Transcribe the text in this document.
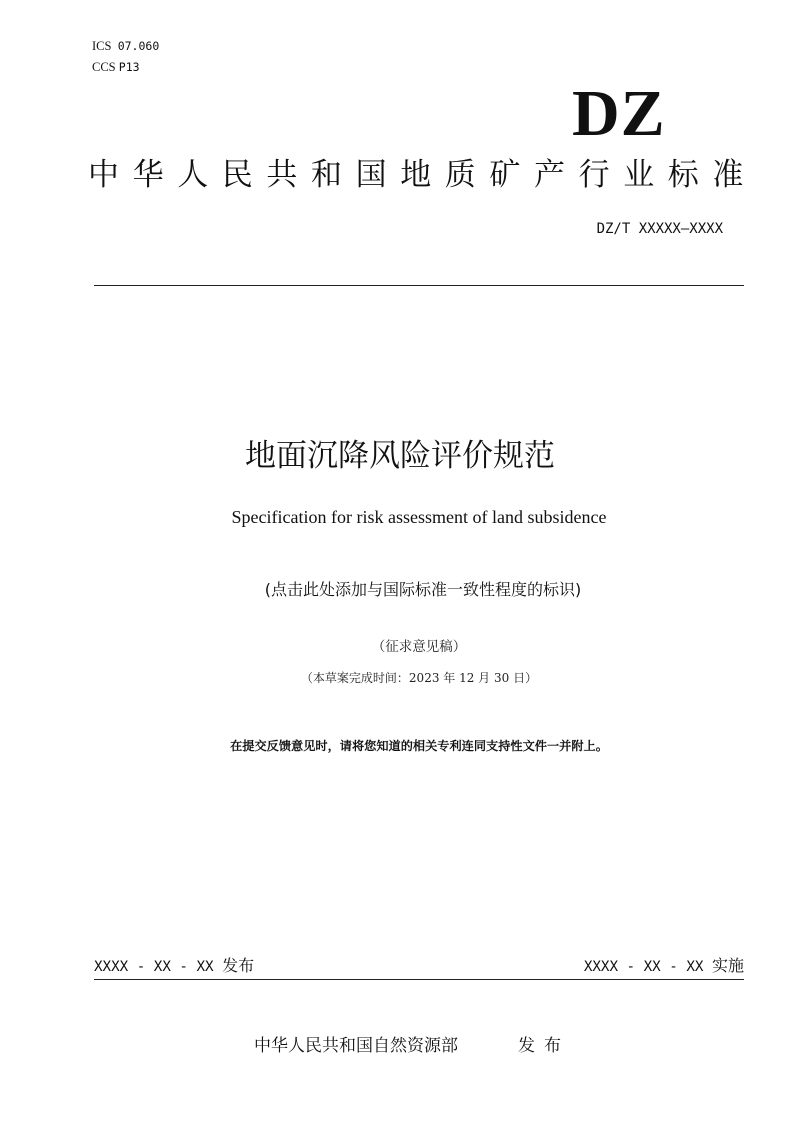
ICS 07.060
CCS P13
DZ
中华人民共和国地质矿产行业标准
DZ/T XXXXX—XXXX
地面沉降风险评价规范
Specification for risk assessment of land subsidence
(点击此处添加与国际标准一致性程度的标识)
（征求意见稿）
（本草案完成时间：2023 年 12 月 30 日）
在提交反馈意见时，请将您知道的相关专利连同支持性文件一并附上。
XXXX - XX - XX 发布	XXXX - XX - XX 实施
中华人民共和国自然资源部	发布
